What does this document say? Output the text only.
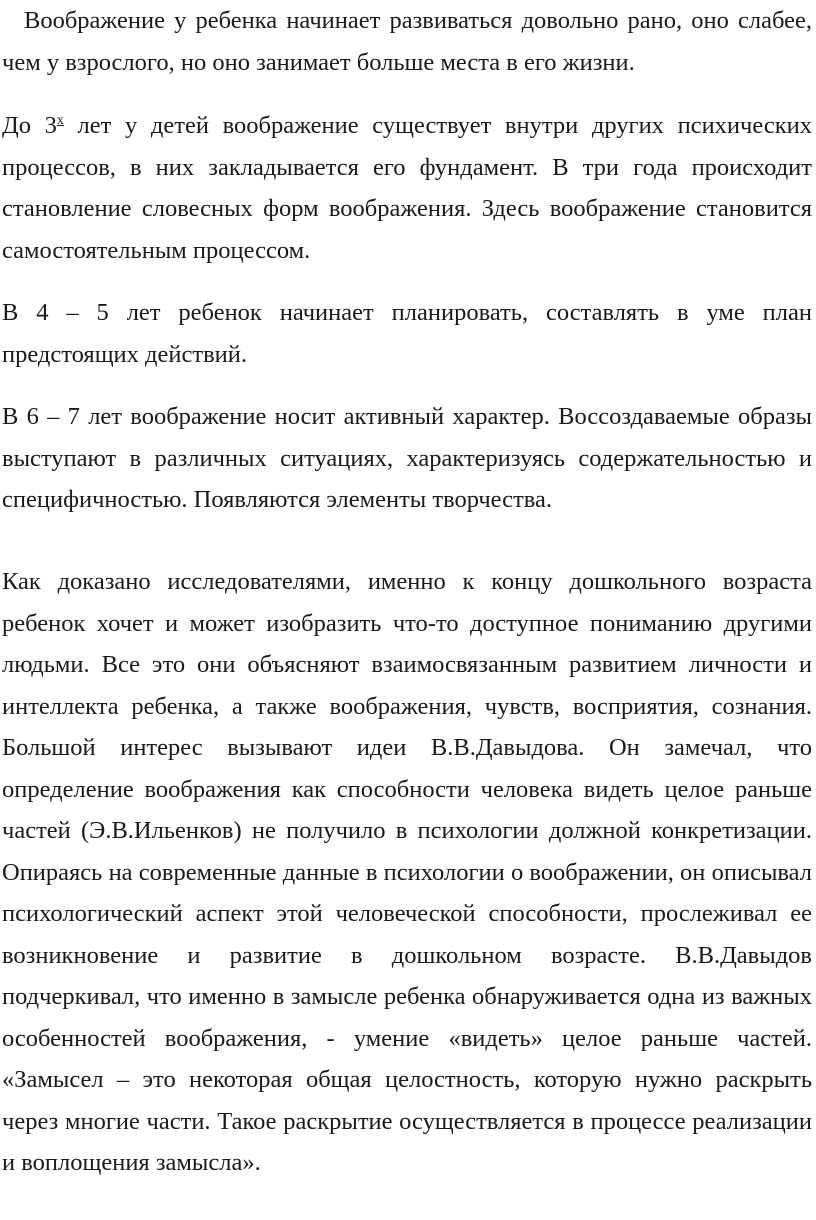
Воображение у ребенка начинает развиваться довольно рано, оно слабее, чем у взрослого, но оно занимает больше места в его жизни.

До $3^х$ лет у детей воображение существует внутри других психических процессов, в них закладывается его фундамент. В три года происходит становление словесных форм воображения. Здесь воображение становится самостоятельным процессом.

В 4 – 5 лет ребенок начинает планировать, составлять в уме план предстоящих действий.

В 6 – 7 лет воображение носит активный характер. Воссоздаваемые образы выступают в различных ситуациях, характеризуясь содержательностью и специфичностью. Появляются элементы творчества.

Как доказано исследователями, именно к концу дошкольного возраста ребенок хочет и может изобразить что-то доступное пониманию другими людьми. Все это они объясняют взаимосвязанным развитием личности и интеллекта ребенка, а также воображения, чувств, восприятия, сознания. Большой интерес вызывают идеи В.В.Давыдова. Он замечал, что определение воображения как способности человека видеть целое раньше частей (Э.В.Ильенков) не получило в психологии должной конкретизации. Опираясь на современные данные в психологии о воображении, он описывал психологический аспект этой человеческой способности, прослеживал ее возникновение и развитие в дошкольном возрасте. В.В.Давыдов подчеркивал, что именно в замысле ребенка обнаруживается одна из важных особенностей воображения, - умение «видеть» целое раньше частей. «Замысел – это некоторая общая целостность, которую нужно раскрыть через многие части. Такое раскрытие осуществляется в процессе реализации и воплощения замысла».
